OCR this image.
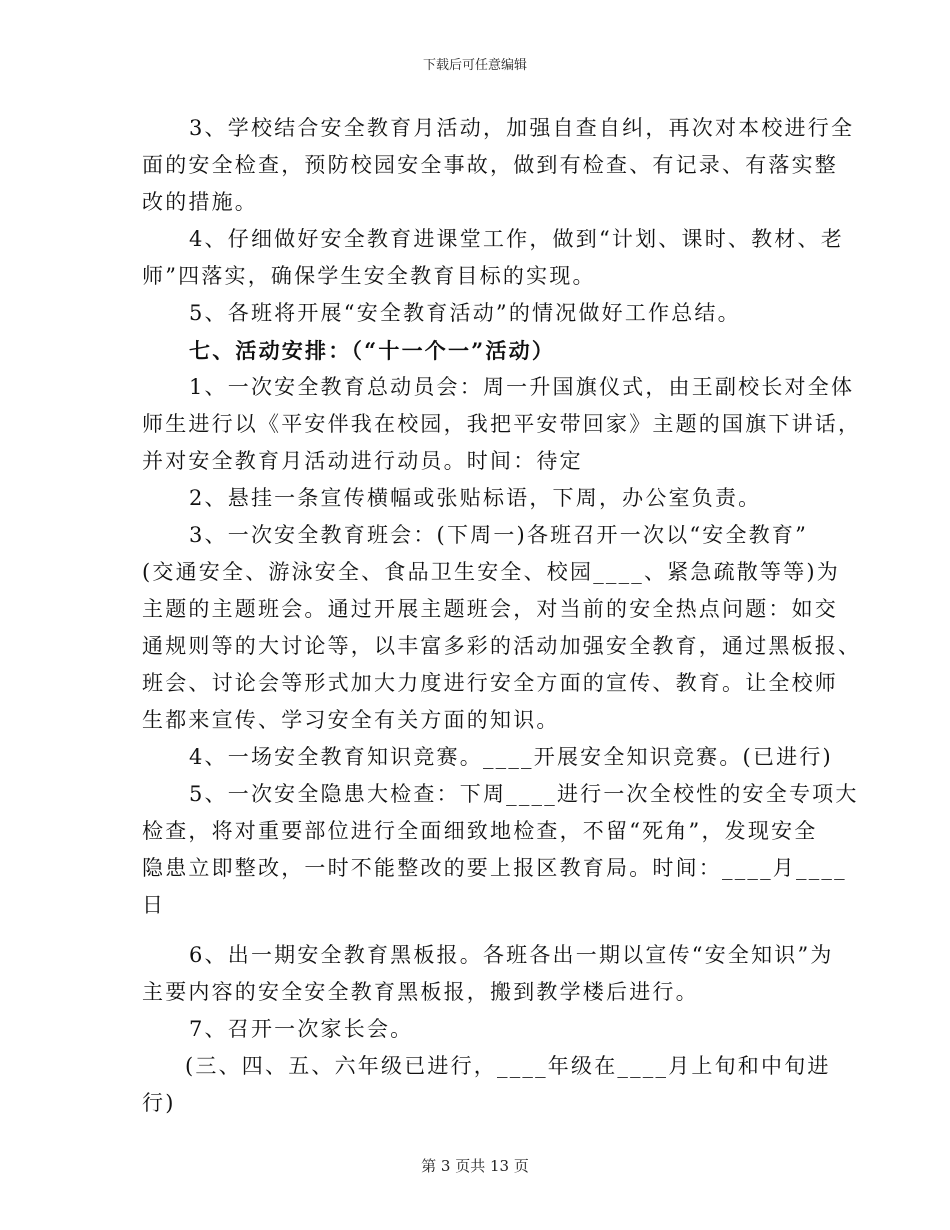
下载后可任意编辑
3、学校结合安全教育月活动，加强自查自纠，再次对本校进行全
面的安全检查，预防校园安全事故，做到有检查、有记录、有落实整
改的措施。
4、仔细做好安全教育进课堂工作，做到“计划、课时、教材、老
师”四落实，确保学生安全教育目标的实现。
5、各班将开展“安全教育活动”的情况做好工作总结。
七、活动安排：（“十一个一”活动）
1、一次安全教育总动员会：周一升国旗仪式，由王副校长对全体
师生进行以《平安伴我在校园，我把平安带回家》主题的国旗下讲话，
并对安全教育月活动进行动员。时间：待定
2、悬挂一条宣传横幅或张贴标语，下周，办公室负责。
3、一次安全教育班会：(下周一)各班召开一次以“安全教育”
(交通安全、游泳安全、食品卫生安全、校园____、紧急疏散等等)为
主题的主题班会。通过开展主题班会，对当前的安全热点问题：如交
通规则等的大讨论等，以丰富多彩的活动加强安全教育，通过黑板报、
班会、讨论会等形式加大力度进行安全方面的宣传、教育。让全校师
生都来宣传、学习安全有关方面的知识。
4、一场安全教育知识竞赛。____开展安全知识竞赛。(已进行)
5、一次安全隐患大检查：下周____进行一次全校性的安全专项大
检查，将对重要部位进行全面细致地检查，不留“死角”，发现安全
隐患立即整改，一时不能整改的要上报区教育局。时间：____月____
日
6、出一期安全教育黑板报。各班各出一期以宣传“安全知识”为
主要内容的安全安全教育黑板报，搬到教学楼后进行。
7、召开一次家长会。
(三、四、五、六年级已进行，____年级在____月上旬和中旬进
行)
第 3 页共 13 页
